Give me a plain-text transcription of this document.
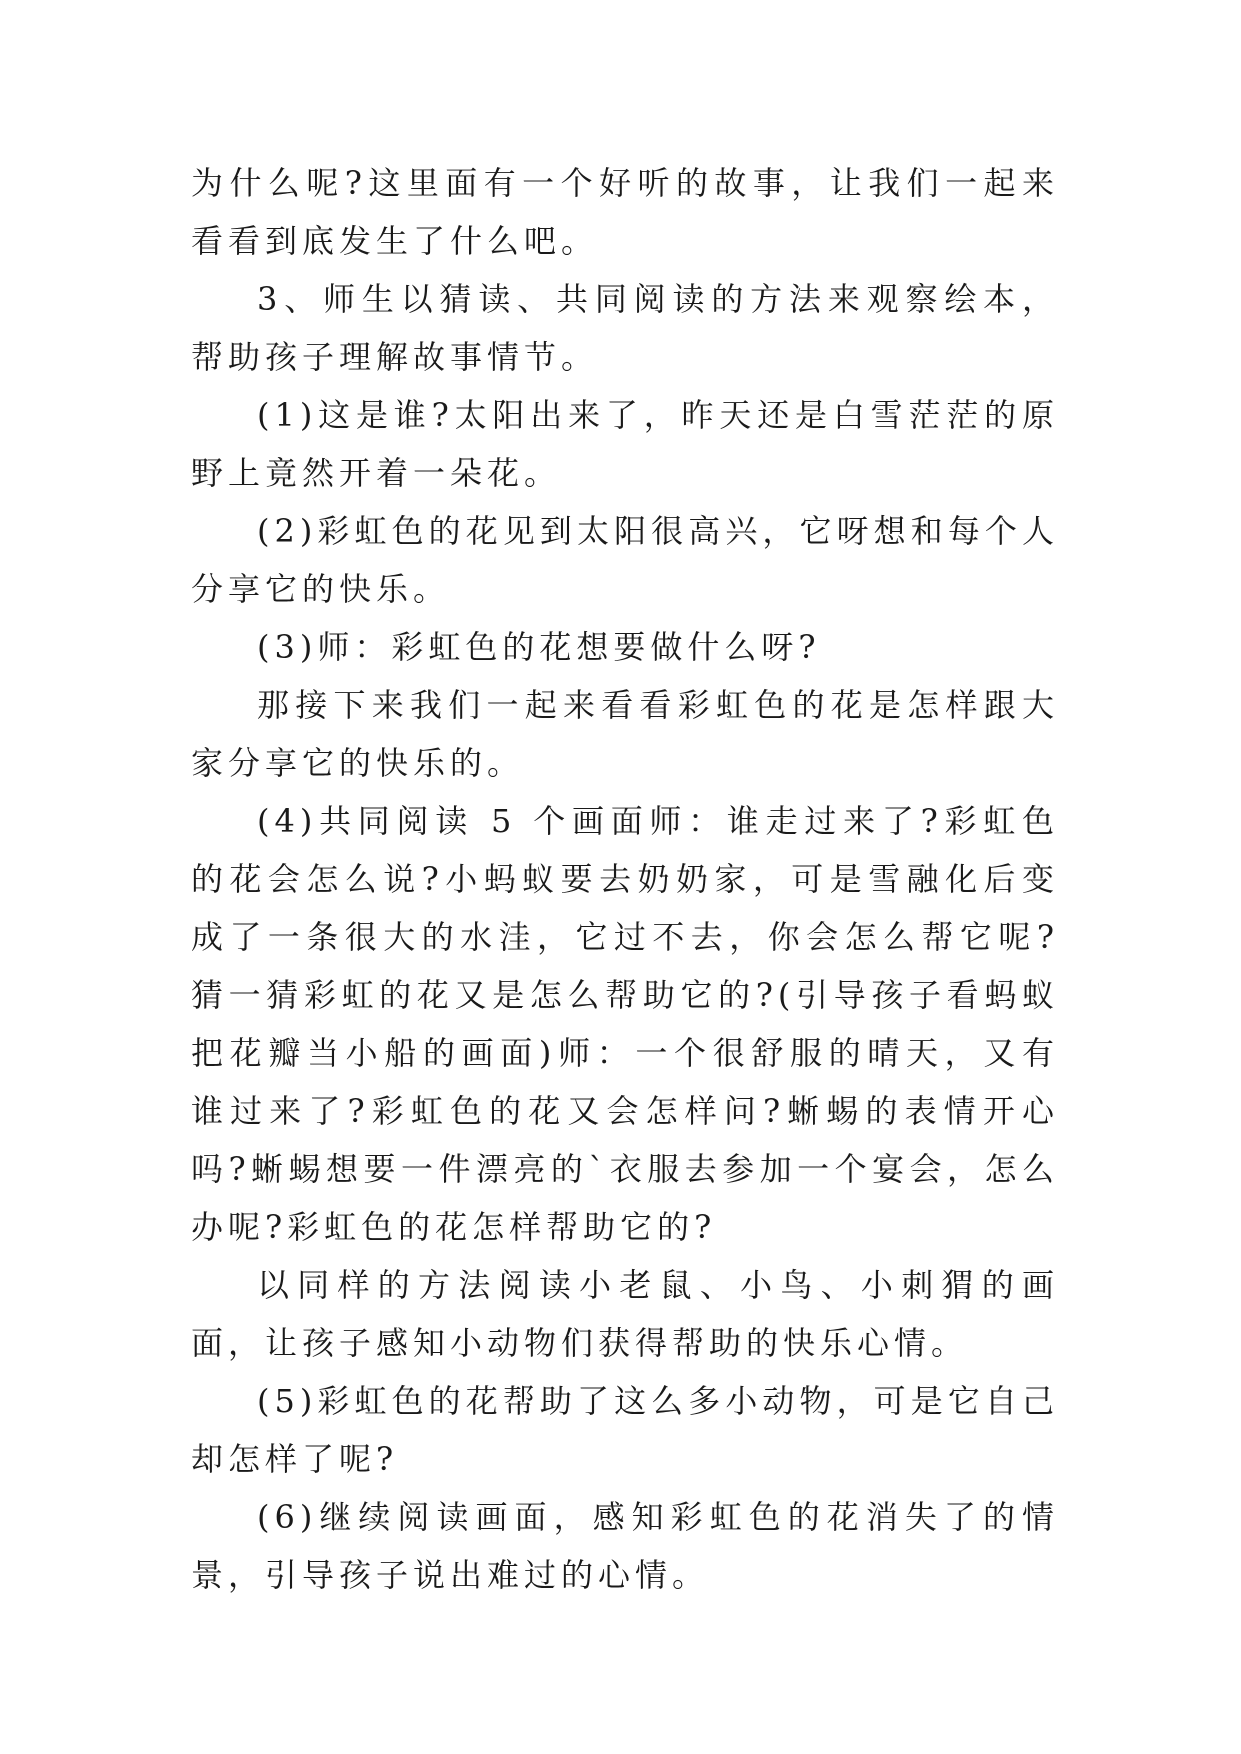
为什么呢?这里面有一个好听的故事，让我们一起来看看到底发生了什么吧。

3、师生以猜读、共同阅读的方法来观察绘本，帮助孩子理解故事情节。

(1)这是谁?太阳出来了，昨天还是白雪茫茫的原野上竟然开着一朵花。

(2)彩虹色的花见到太阳很高兴，它呀想和每个人分享它的快乐。

(3)师：彩虹色的花想要做什么呀?

那接下来我们一起来看看彩虹色的花是怎样跟大家分享它的快乐的。

(4)共同阅读 5 个画面师：谁走过来了?彩虹色的花会怎么说?小蚂蚁要去奶奶家，可是雪融化后变成了一条很大的水洼，它过不去，你会怎么帮它呢?猜一猜彩虹的花又是怎么帮助它的?(引导孩子看蚂蚁把花瓣当小船的画面)师：一个很舒服的晴天，又有谁过来了?彩虹色的花又会怎样问?蜥蜴的表情开心吗?蜥蜴想要一件漂亮的`衣服去参加一个宴会，怎么办呢?彩虹色的花怎样帮助它的?

以同样的方法阅读小老鼠、小鸟、小刺猬的画面，让孩子感知小动物们获得帮助的快乐心情。

(5)彩虹色的花帮助了这么多小动物，可是它自己却怎样了呢?

(6)继续阅读画面，感知彩虹色的花消失了的情景，引导孩子说出难过的心情。
